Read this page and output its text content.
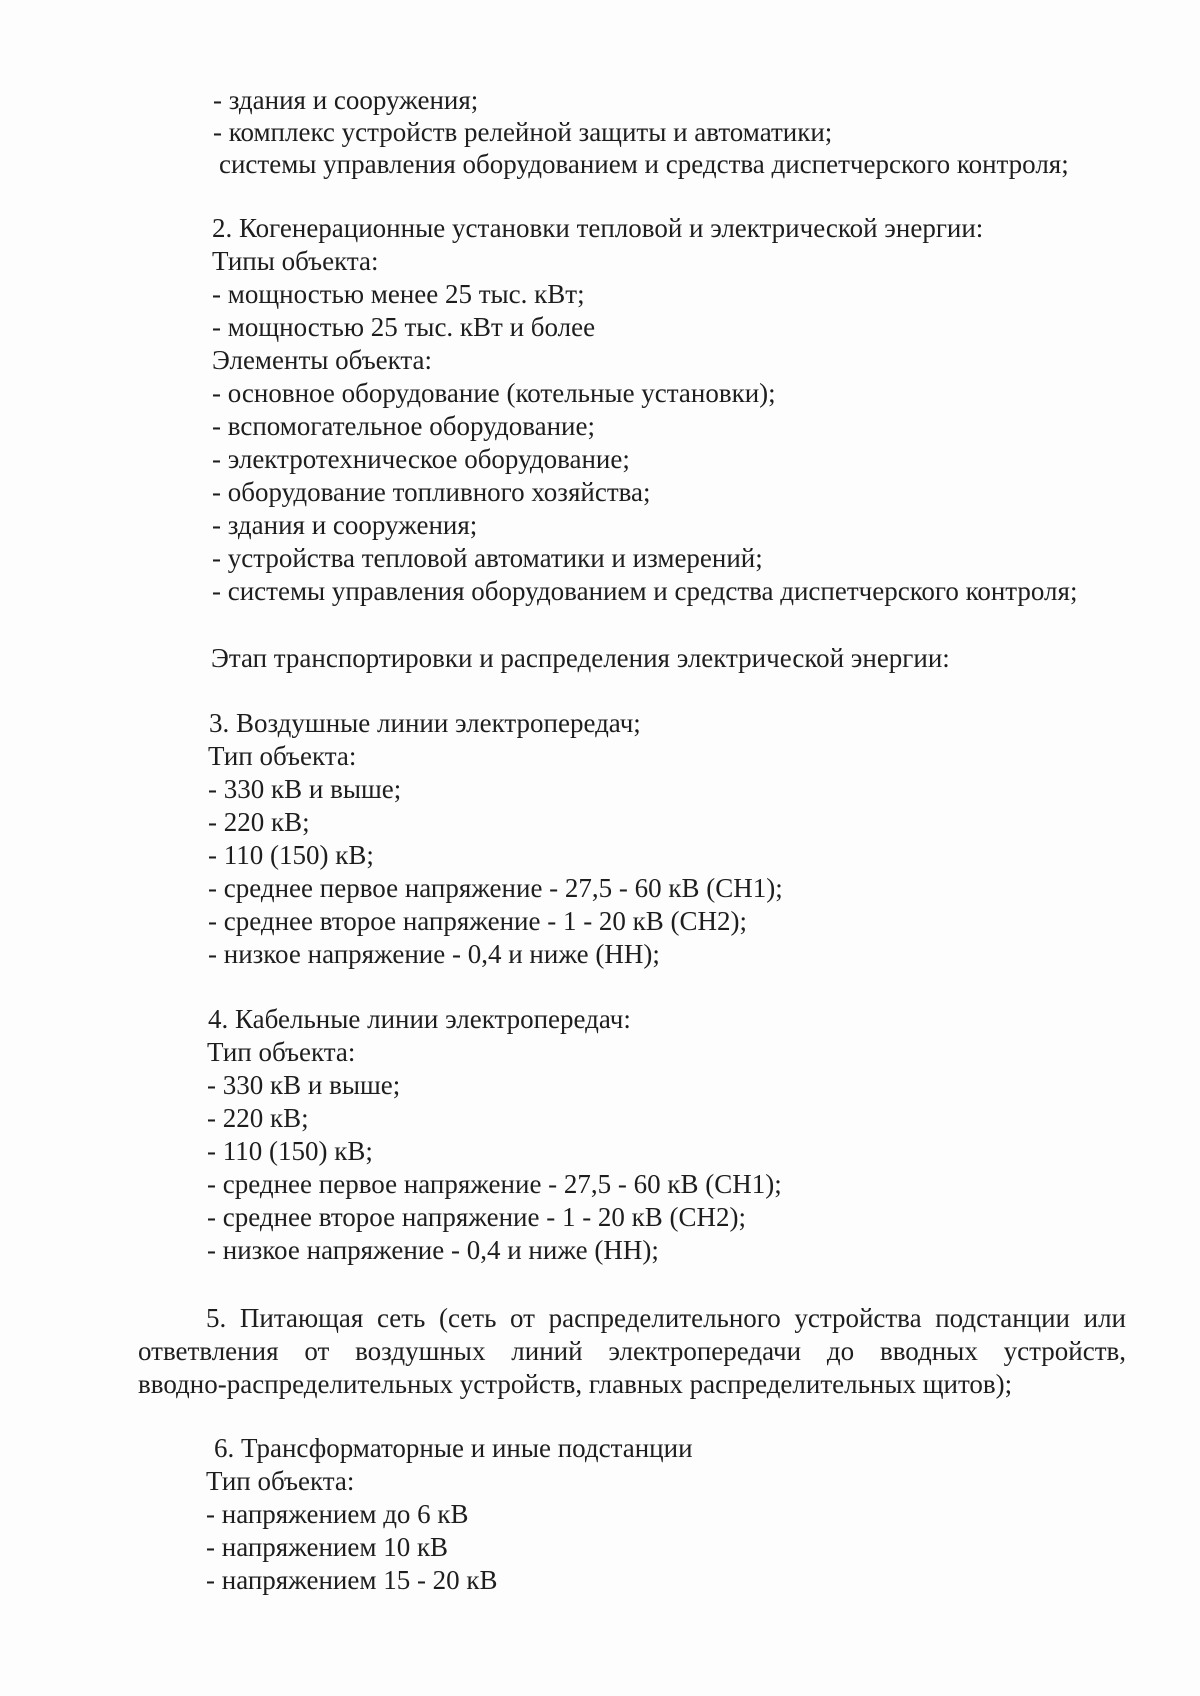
- здания и сооружения;

- комплекс устройств релейной защиты и автоматики;

системы управления оборудованием и средства диспетчерского контроля;

2. Когенерационные установки тепловой и электрической энергии:

Типы объекта:

- мощностью менее 25 тыс. кВт;

- мощностью 25 тыс. кВт и более

Элементы объекта:

- основное оборудование (котельные установки);

- вспомогательное оборудование;

- электротехническое оборудование;

- оборудование топливного хозяйства;

- здания и сооружения;

- устройства тепловой автоматики и измерений;

- системы управления оборудованием и средства диспетчерского контроля;

Этап транспортировки и распределения электрической энергии:

3. Воздушные линии электропередач;

Тип объекта:

- 330 кВ и выше;

- 220 кВ;

- 110 (150) кВ;

- среднее первое напряжение - 27,5 - 60 кВ (СН1);

- среднее второе напряжение - 1 - 20 кВ (СН2);

- низкое напряжение - 0,4 и ниже (НН);

4. Кабельные линии электропередач:

Тип объекта:

- 330 кВ и выше;

- 220 кВ;

- 110 (150) кВ;

- среднее первое напряжение - 27,5 - 60 кВ (СН1);

- среднее второе напряжение - 1 - 20 кВ (СН2);

- низкое напряжение - 0,4 и ниже (НН);

5. Питающая сеть (сеть от распределительного устройства подстанции или

ответвления от воздушных линий электропередачи до вводных устройств,

вводно-распределительных устройств, главных распределительных щитов);

6. Трансформаторные и иные подстанции

Тип объекта:

- напряжением до 6 кВ

- напряжением 10 кВ

- напряжением 15 - 20 кВ
